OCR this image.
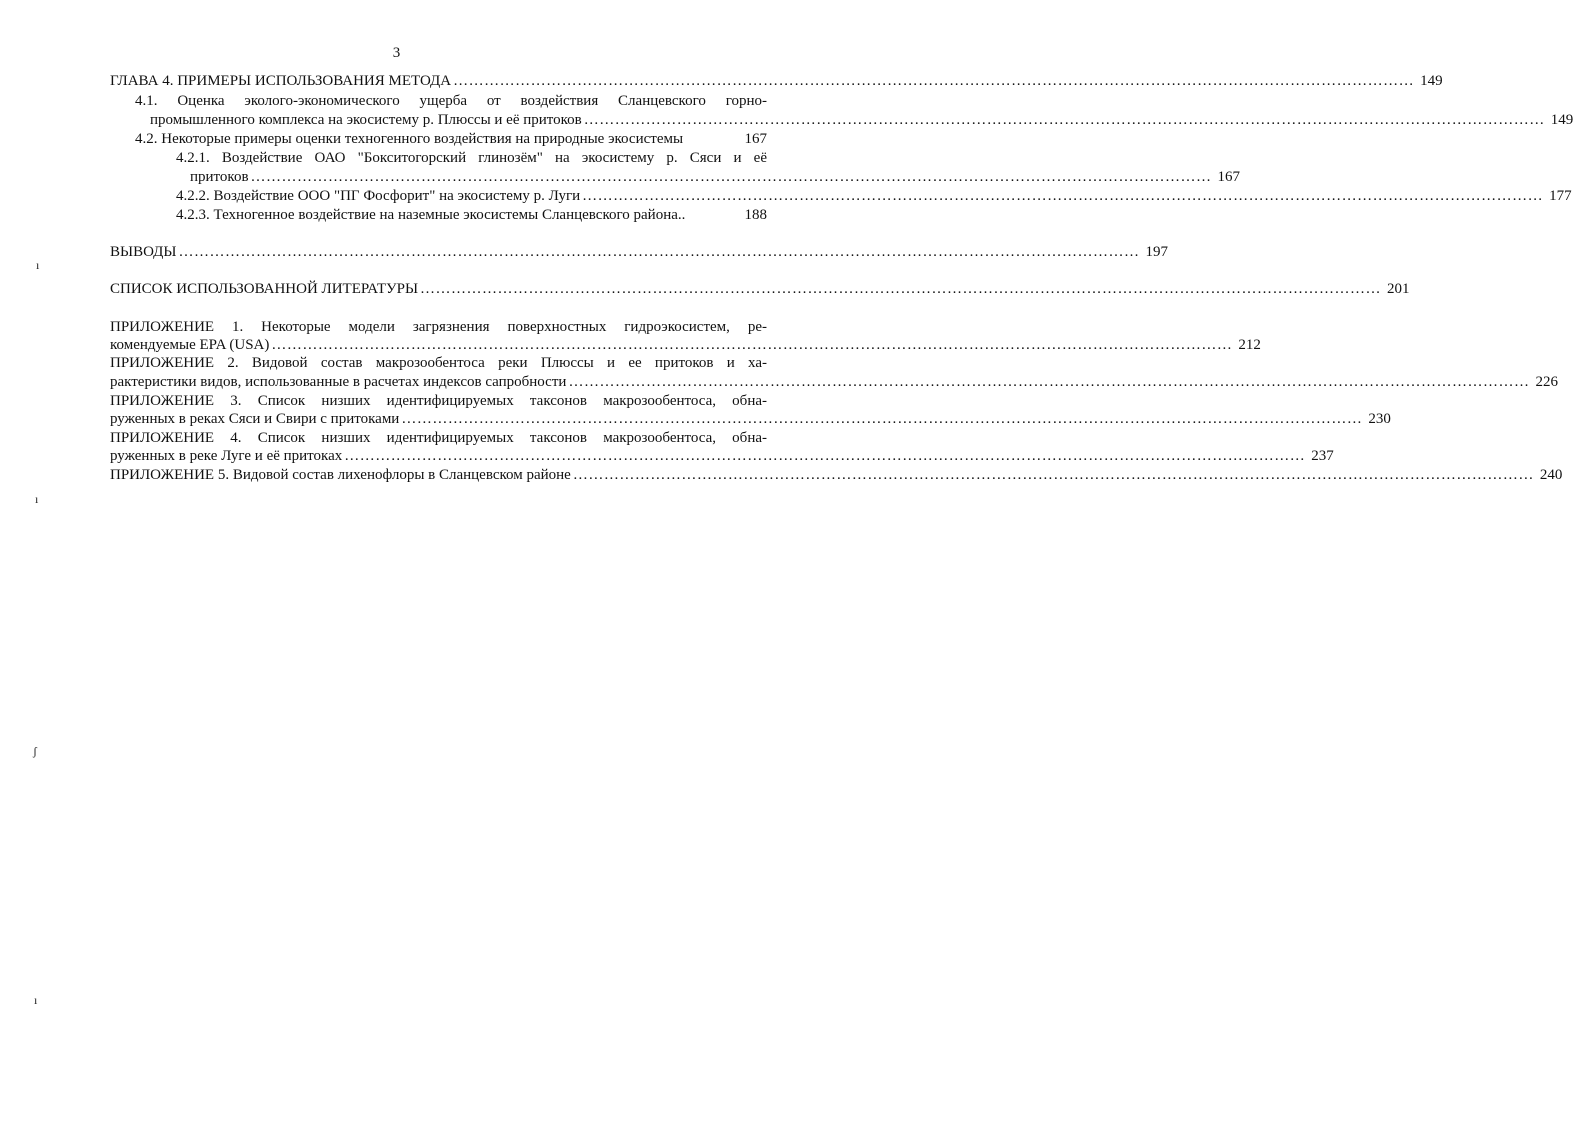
3
ГЛАВА 4. ПРИМЕРЫ ИСПОЛЬЗОВАНИЯ МЕТОДА …………………………………………………………………………………………………………………………………………………………………… 149
4.1. Оценка эколого-экономического ущерба от воздействия Сланцевского горно-
промышленного комплекса на экосистему р. Плюссы и её притоков …………………………………………………………………………………………………………………………………………………………………… 149
4.2. Некоторые примеры оценки техногенного воздействия на природные экосистемы	167
4.2.1. Воздействие ОАО "Бокситогорский глинозём" на экосистему р. Сяси и её
притоков …………………………………………………………………………………………………………………………………………………………………… 167
4.2.2. Воздействие ООО "ПГ Фосфорит" на экосистему р. Луги …………………………………………………………………………………………………………………………………………………………………… 177
4.2.3. Техногенное воздействие на наземные экосистемы Сланцевского района..	188
ВЫВОДЫ …………………………………………………………………………………………………………………………………………………………………… 197
СПИСОК ИСПОЛЬЗОВАННОЙ ЛИТЕРАТУРЫ …………………………………………………………………………………………………………………………………………………………………… 201
ПРИЛОЖЕНИЕ 1. Некоторые модели загрязнения поверхностных гидроэкосистем, ре-
комендуемые EPA (USA) …………………………………………………………………………………………………………………………………………………………………… 212
ПРИЛОЖЕНИЕ 2. Видовой состав макрозообентоса реки Плюссы и ее притоков и ха-
рактеристики видов, использованные в расчетах индексов сапробности …………………………………………………………………………………………………………………………………………………………………… 226
ПРИЛОЖЕНИЕ 3. Список низших идентифицируемых таксонов макрозообентоса, обна-
руженных в реках Сяси и Свири с притоками …………………………………………………………………………………………………………………………………………………………………… 230
ПРИЛОЖЕНИЕ 4. Список низших идентифицируемых таксонов макрозообентоса, обна-
руженных в реке Луге и её притоках …………………………………………………………………………………………………………………………………………………………………… 237
ПРИЛОЖЕНИЕ 5. Видовой состав лихенофлоры в Сланцевском районе …………………………………………………………………………………………………………………………………………………………………… 240
ı
ı
ʃ
ı
